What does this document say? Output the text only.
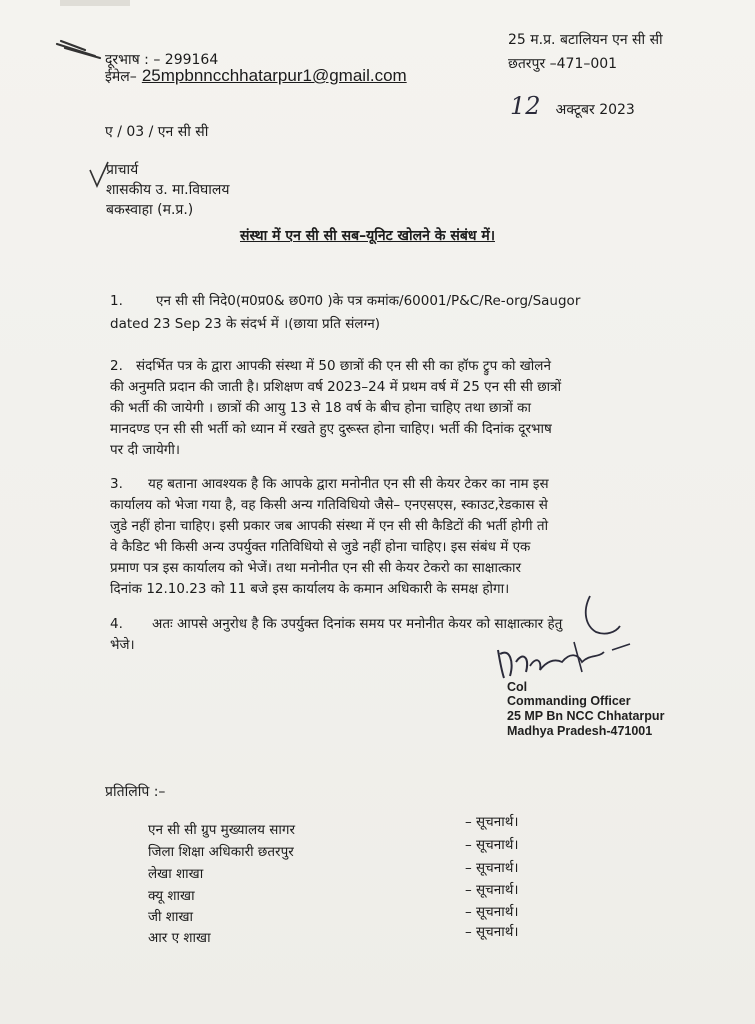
दूरभाष : – 299164
ईमेल– 25mpbnncchhatarpur1@gmail.com
25 म.प्र. बटालियन एन सी सी
छतरपुर –471–001
ए / 03 / एन सी सी
12 अक्टूबर 2023
प्राचार्य
शासकीय उ. मा.विघालय
बकस्वाहा (म.प्र.)
संस्था में एन सी सी सब–यूनिट खोलने के संबंध में।
1. एन सी सी निदे0(म0प्र0& छ0ग0 )के पत्र कमांक/60001/P&C/Re-org/Saugor
dated 23 Sep 23 के संदर्भ में ।(छाया प्रति संलग्न)
2. संदर्भित पत्र के द्वारा आपकी संस्था में 50 छात्रों की एन सी सी का हॉफ ट्रुप को खोलने
की अनुमति प्रदान की जाती है। प्रशिक्षण वर्ष 2023–24 में प्रथम वर्ष में 25 एन सी सी छात्रों
की भर्ती की जायेगी । छात्रों की आयु 13 से 18 वर्ष के बीच होना चाहिए तथा छात्रों का
मानदण्ड एन सी सी भर्ती को ध्यान में रखते हुए दुरूस्त होना चाहिए। भर्ती की दिनांक दूरभाष
पर दी जायेगी।
3. यह बताना आवश्यक है कि आपके द्वारा मनोनीत एन सी सी केयर टेकर का नाम इस
कार्यालय को भेजा गया है, वह किसी अन्य गतिविधियो जैसे– एनएसएस, स्काउट,रेडकास से
जुडे नहीं होना चाहिए। इसी प्रकार जब आपकी संस्था में एन सी सी कैडिटों की भर्ती होगी तो
वे कैडिट भी किसी अन्य उपर्युक्त गतिविधियो से जुडे नहीं होना चाहिए। इस संबंध में एक
प्रमाण पत्र इस कार्यालय को भेजें। तथा मनोनीत एन सी सी केयर टेकरो का साक्षात्कार
दिनांक 12.10.23 को 11 बजे इस कार्यालय के कमान अधिकारी के समक्ष होगा।
4. अतः आपसे अनुरोध है कि उपर्युक्त दिनांक समय पर मनोनीत केयर को साक्षात्कार हेतु
भेजे।
Col
Commanding Officer
25 MP Bn NCC Chhatarpur
Madhya Pradesh-471001
प्रतिलिपि :–
एन सी सी ग्रुप मुख्यालय सागर	– सूचनार्थ।
जिला शिक्षा अधिकारी छतरपुर	– सूचनार्थ।
लेखा शाखा	– सूचनार्थ।
क्यू शाखा	– सूचनार्थ।
जी शाखा	– सूचनार्थ।
आर ए शाखा	– सूचनार्थ।
